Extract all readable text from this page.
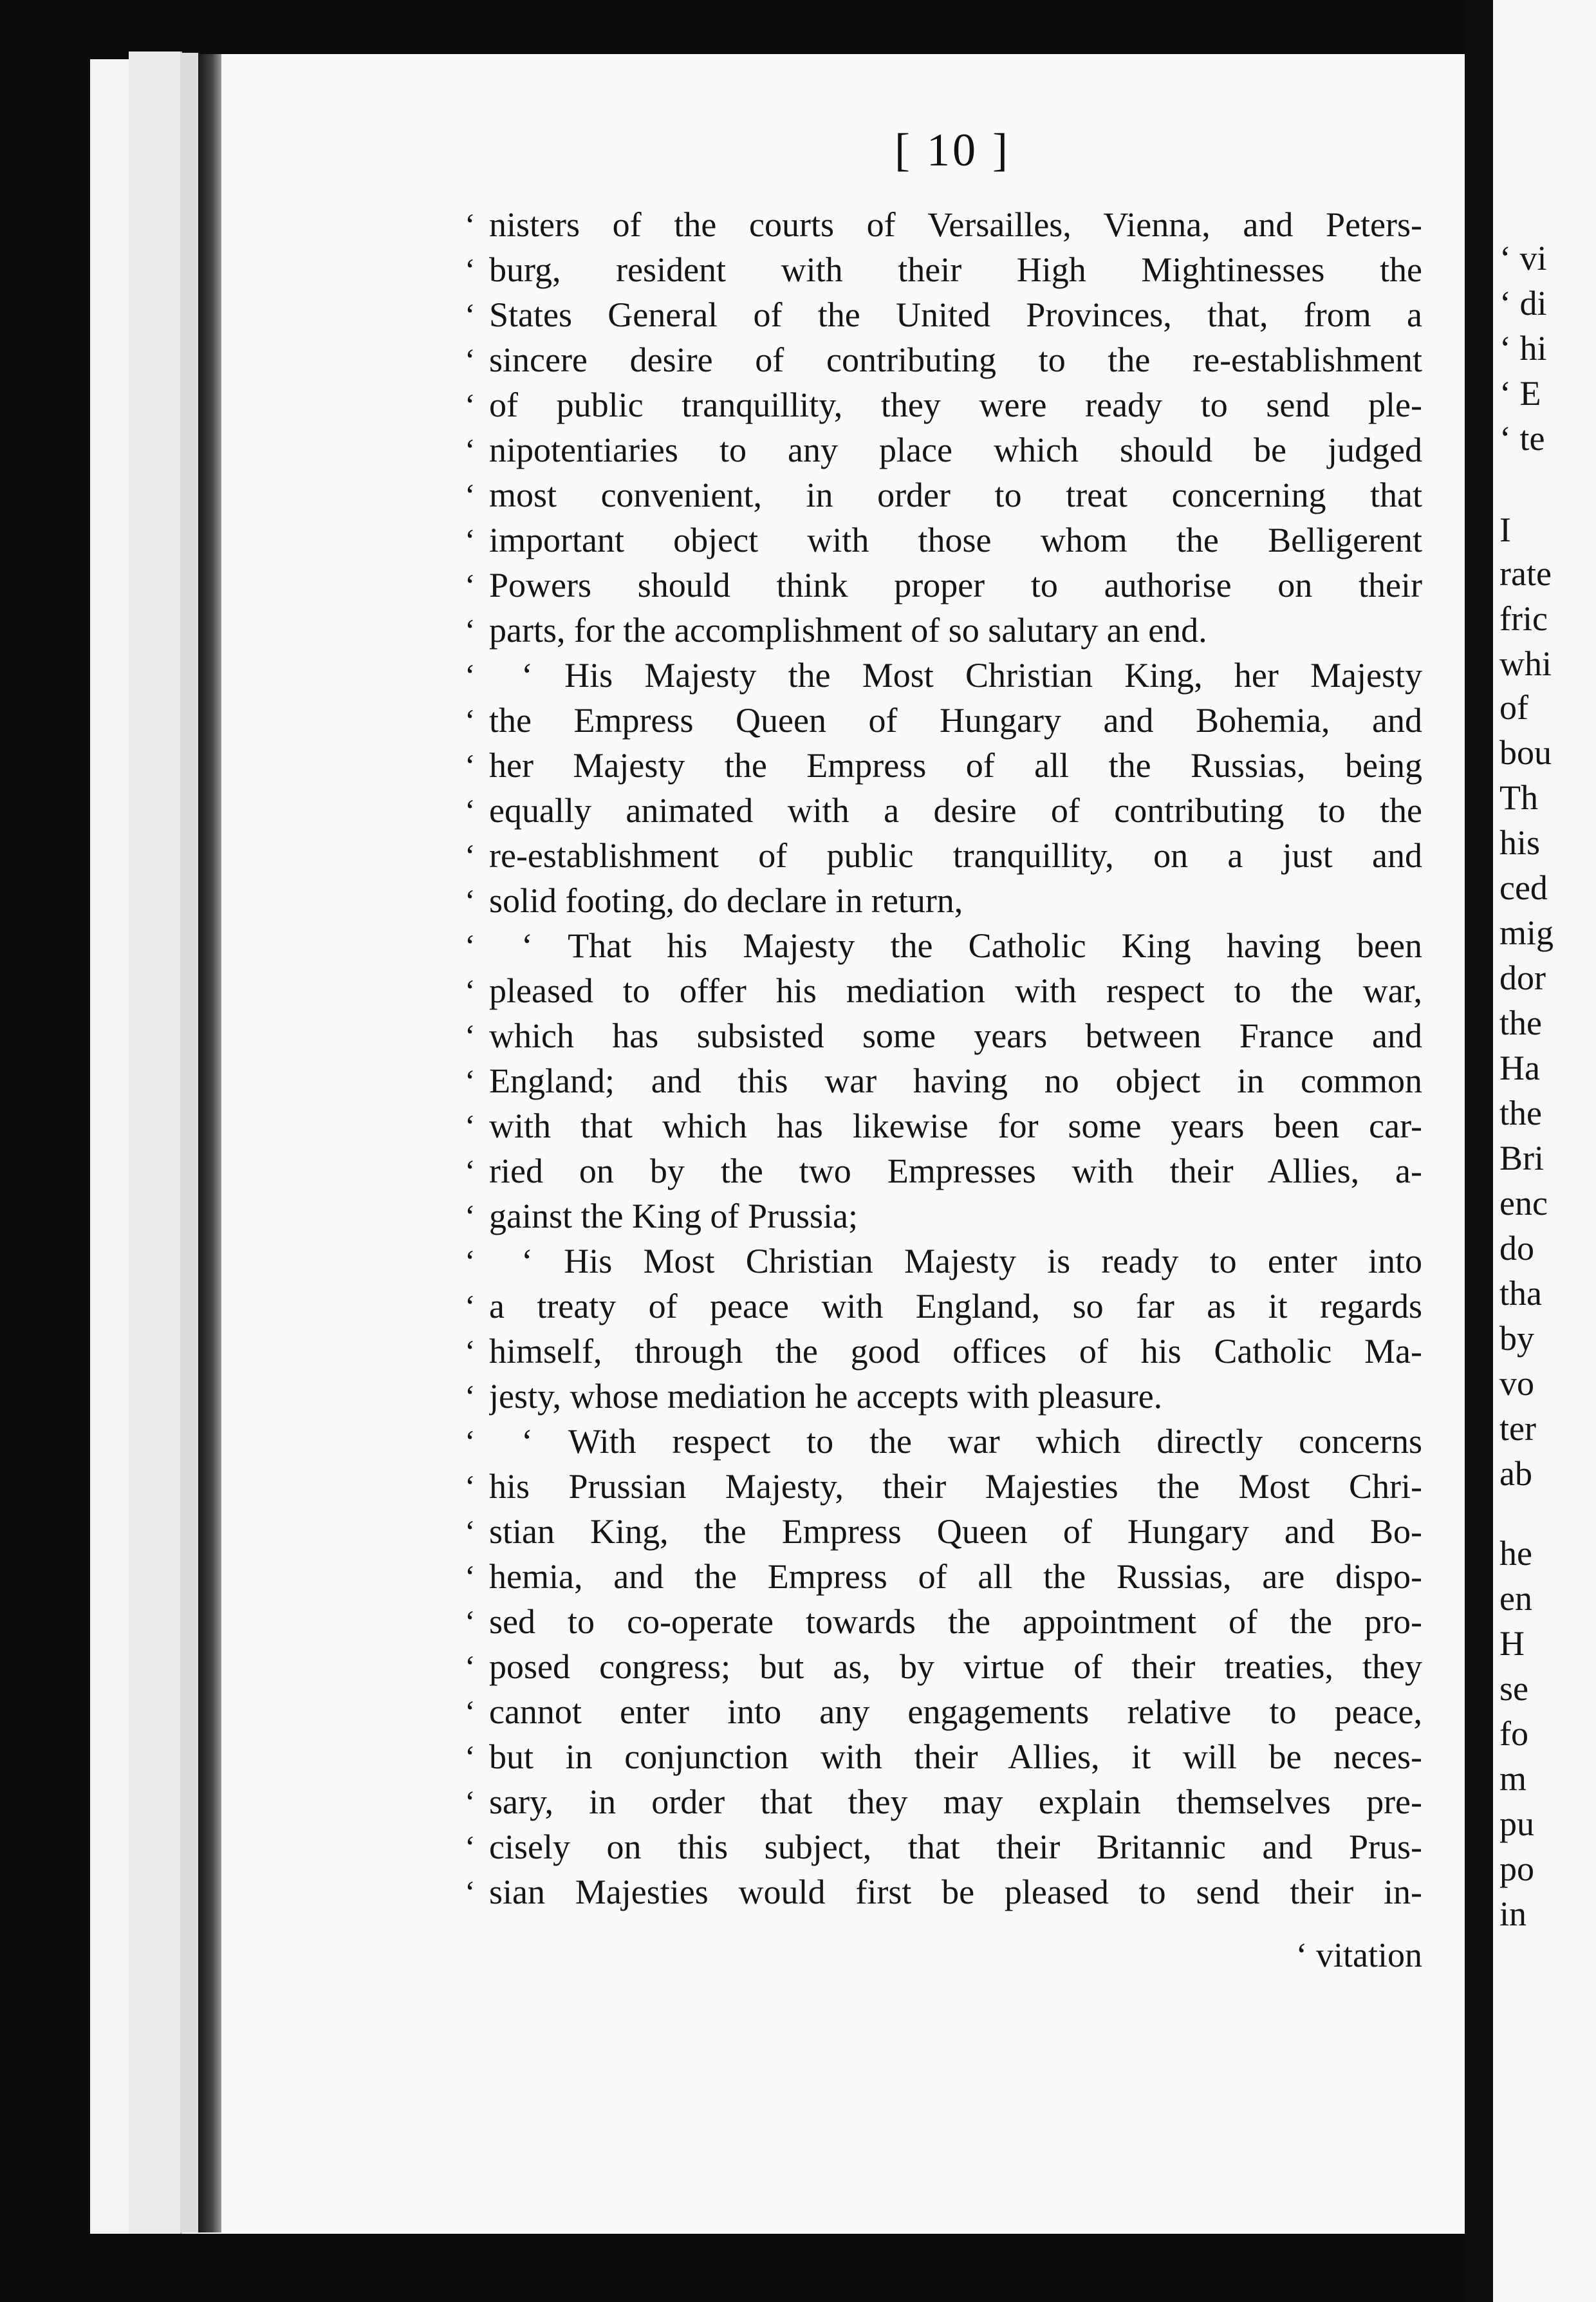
[ 10 ]
nisters of the courts of Versailles, Vienna, and Peters-
burg, resident with their High Mightinesses the
States General of the United Provinces, that, from a
sincere desire of contributing to the re-establishment
of public tranquillity, they were ready to send ple-
nipotentiaries to any place which should be judged
most convenient, in order to treat concerning that
important object with those whom the Belligerent
Powers should think proper to authorise on their
parts, for the accomplishment of so salutary an end.
‘ His Majesty the Most Christian King, her Majesty
the Empress Queen of Hungary and Bohemia, and
her Majesty the Empress of all the Russias, being
equally animated with a desire of contributing to the
re-establishment of public tranquillity, on a just and
solid footing, do declare in return,
‘ That his Majesty the Catholic King having been
pleased to offer his mediation with respect to the war,
which has subsisted some years between France and
England; and this war having no object in common
with that which has likewise for some years been car-
ried on by the two Empresses with their Allies, a-
gainst the King of Prussia;
‘ His Most Christian Majesty is ready to enter into
a treaty of peace with England, so far as it regards
himself, through the good offices of his Catholic Ma-
jesty, whose mediation he accepts with pleasure.
‘ With respect to the war which directly concerns
his Prussian Majesty, their Majesties the Most Chri-
stian King, the Empress Queen of Hungary and Bo-
hemia, and the Empress of all the Russias, are dispo-
sed to co-operate towards the appointment of the pro-
posed congress; but as, by virtue of their treaties, they
cannot enter into any engagements relative to peace,
but in conjunction with their Allies, it will be neces-
sary, in order that they may explain themselves pre-
cisely on this subject, that their Britannic and Prus-
sian Majesties would first be pleased to send their in-
‘ vitation
‘
‘
‘
‘
‘
‘
‘
‘
‘
‘
‘
‘
‘
‘
‘
‘
‘
‘
‘
‘
‘
‘
‘
‘
‘
‘
‘
‘
‘
‘
‘
‘
‘
‘
‘
‘
‘
‘
‘ vi
‘ di
‘ hi
‘ E
‘ te
I
rate
fric
whi
of
bou
Th
his
ced
mig
dor
the
Ha
the
Bri
enc
do
tha
by
vo
ter
ab
he
en
H
se
fo
m
pu
po
in
